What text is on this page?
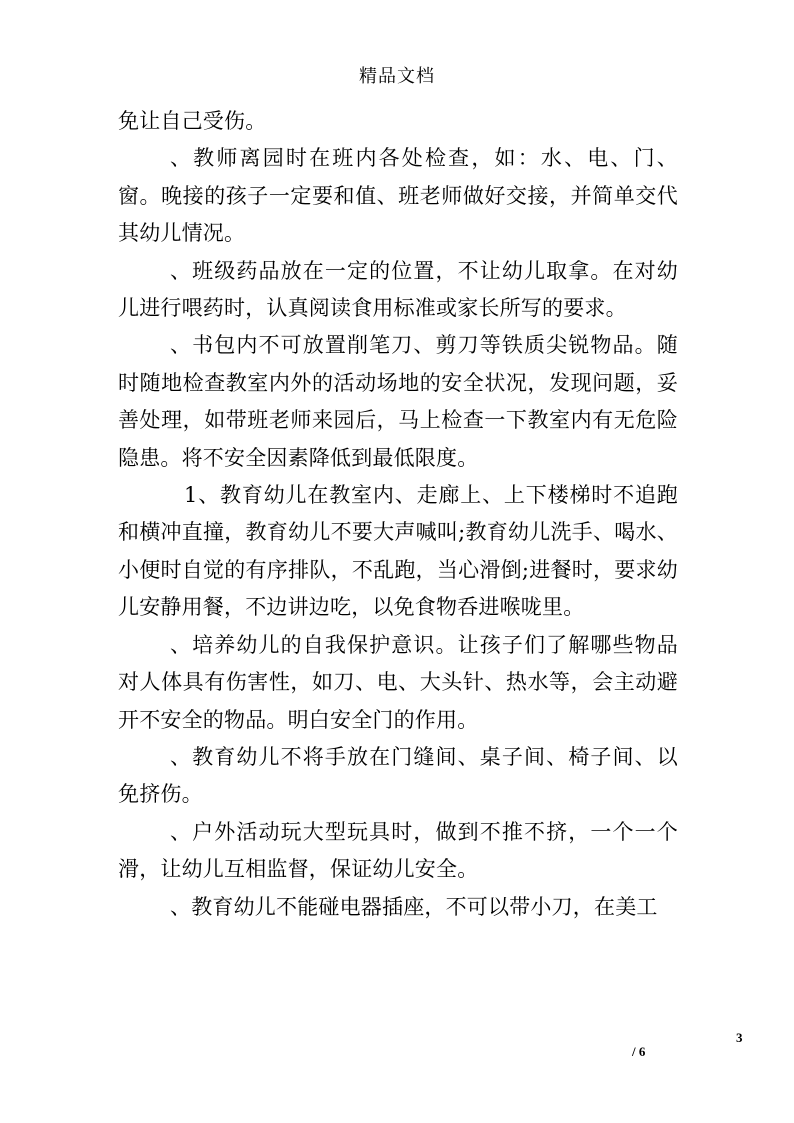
精品文档

免让自己受伤。

、教师离园时在班内各处检查，如：水、电、门、窗。晚接的孩子一定要和值、班老师做好交接，并简单交代其幼儿情况。

、班级药品放在一定的位置，不让幼儿取拿。在对幼儿进行喂药时，认真阅读食用标准或家长所写的要求。

、书包内不可放置削笔刀、剪刀等铁质尖锐物品。随时随地检查教室内外的活动场地的安全状况，发现问题，妥善处理，如带班老师来园后，马上检查一下教室内有无危险隐患。将不安全因素降低到最低限度。

1、教育幼儿在教室内、走廊上、上下楼梯时不追跑和横冲直撞，教育幼儿不要大声喊叫;教育幼儿洗手、喝水、小便时自觉的有序排队，不乱跑，当心滑倒;进餐时，要求幼儿安静用餐，不边讲边吃，以免食物呑进喉咙里。

、培养幼儿的自我保护意识。让孩子们了解哪些物品对人体具有伤害性，如刀、电、大头针、热水等，会主动避开不安全的物品。明白安全门的作用。

、教育幼儿不将手放在门缝间、桌子间、椅子间、以免挤伤。

、户外活动玩大型玩具时，做到不推不挤，一个一个滑，让幼儿互相监督，保证幼儿安全。

、教育幼儿不能碰电器插座，不可以带小刀，在美工

3
/ 6
